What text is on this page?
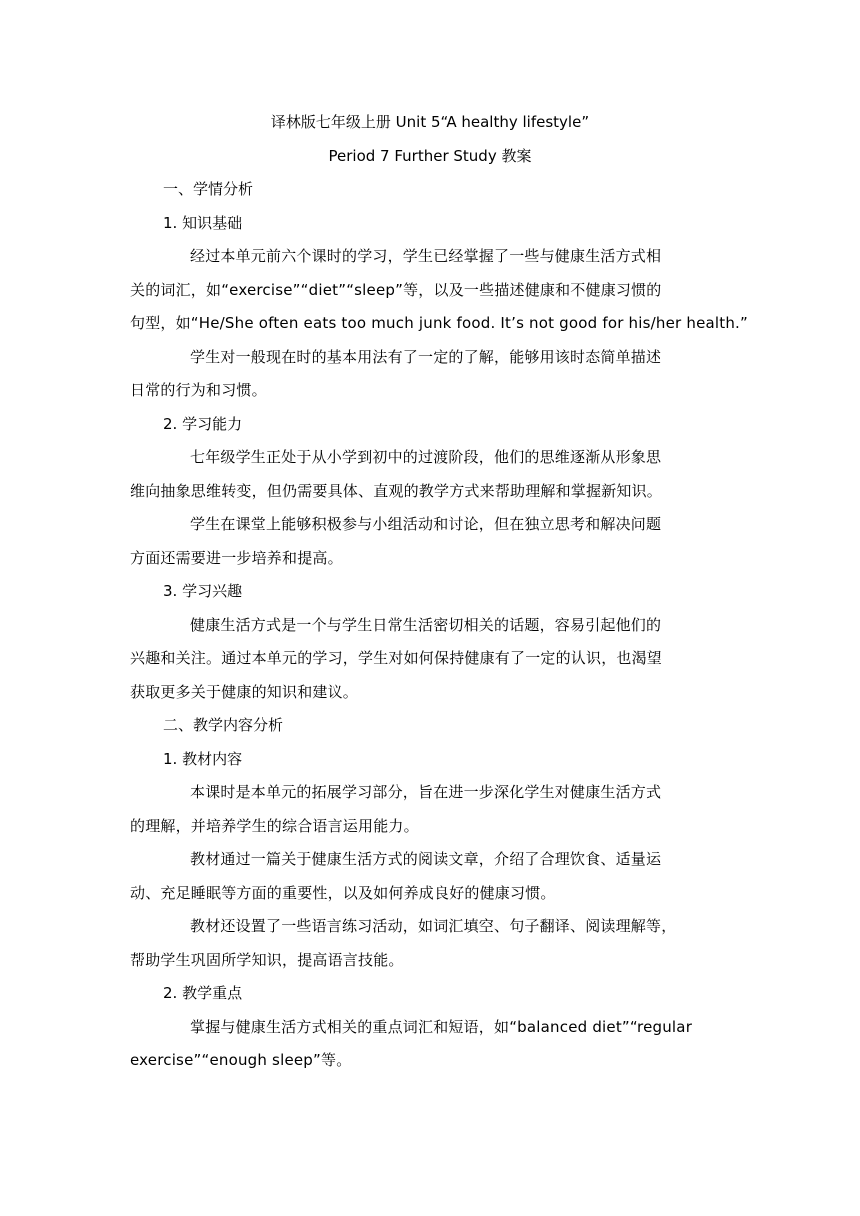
译林版七年级上册 Unit 5“A healthy lifestyle”

Period 7 Further Study 教案

一、学情分析

1. 知识基础

经过本单元前六个课时的学习，学生已经掌握了一些与健康生活方式相
关的词汇，如“exercise”“diet”“sleep”等，以及一些描述健康和不健康习惯的
句型，如“He/She often eats too much junk food. It’s not good for his/her health.”

学生对一般现在时的基本用法有了一定的了解，能够用该时态简单描述
日常的行为和习惯。

2. 学习能力

七年级学生正处于从小学到初中的过渡阶段，他们的思维逐渐从形象思
维向抽象思维转变，但仍需要具体、直观的教学方式来帮助理解和掌握新知识。

学生在课堂上能够积极参与小组活动和讨论，但在独立思考和解决问题
方面还需要进一步培养和提高。

3. 学习兴趣

健康生活方式是一个与学生日常生活密切相关的话题，容易引起他们的
兴趣和关注。通过本单元的学习，学生对如何保持健康有了一定的认识，也渴望
获取更多关于健康的知识和建议。

二、教学内容分析

1. 教材内容

本课时是本单元的拓展学习部分，旨在进一步深化学生对健康生活方式
的理解，并培养学生的综合语言运用能力。

教材通过一篇关于健康生活方式的阅读文章，介绍了合理饮食、适量运
动、充足睡眠等方面的重要性，以及如何养成良好的健康习惯。

教材还设置了一些语言练习活动，如词汇填空、句子翻译、阅读理解等，
帮助学生巩固所学知识，提高语言技能。

2. 教学重点

掌握与健康生活方式相关的重点词汇和短语，如“balanced diet”“regular
exercise”“enough sleep”等。
